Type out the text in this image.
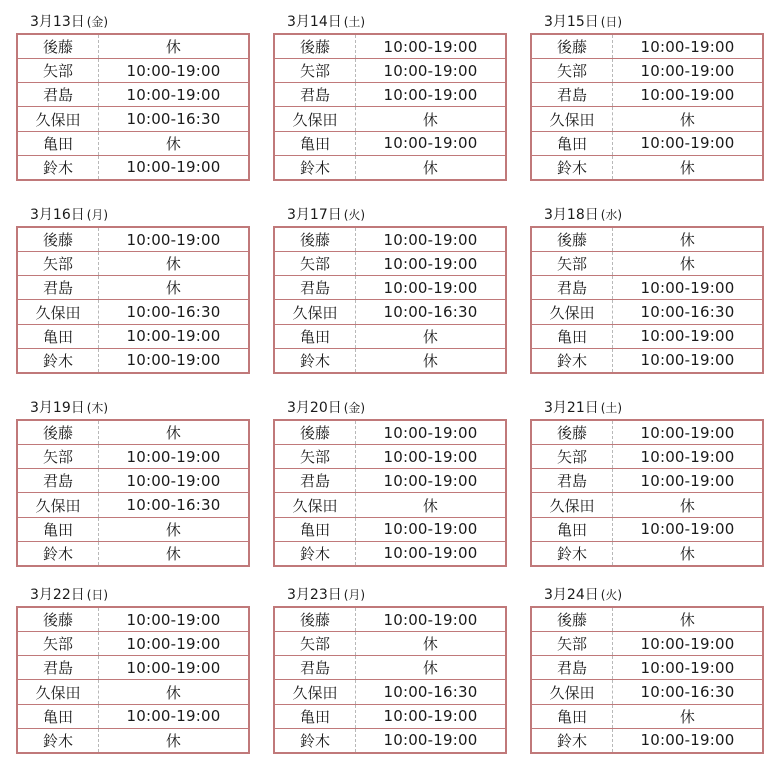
3月13日 (金)
後藤	休
矢部	10:00-19:00
君島	10:00-19:00
久保田	10:00-16:30
亀田	休
鈴木	10:00-19:00
3月14日 (土)
後藤	10:00-19:00
矢部	10:00-19:00
君島	10:00-19:00
久保田	休
亀田	10:00-19:00
鈴木	休
3月15日 (日)
後藤	10:00-19:00
矢部	10:00-19:00
君島	10:00-19:00
久保田	休
亀田	10:00-19:00
鈴木	休
3月16日 (月)
後藤	10:00-19:00
矢部	休
君島	休
久保田	10:00-16:30
亀田	10:00-19:00
鈴木	10:00-19:00
3月17日 (火)
後藤	10:00-19:00
矢部	10:00-19:00
君島	10:00-19:00
久保田	10:00-16:30
亀田	休
鈴木	休
3月18日 (水)
後藤	休
矢部	休
君島	10:00-19:00
久保田	10:00-16:30
亀田	10:00-19:00
鈴木	10:00-19:00
3月19日 (木)
後藤	休
矢部	10:00-19:00
君島	10:00-19:00
久保田	10:00-16:30
亀田	休
鈴木	休
3月20日 (金)
後藤	10:00-19:00
矢部	10:00-19:00
君島	10:00-19:00
久保田	休
亀田	10:00-19:00
鈴木	10:00-19:00
3月21日 (土)
後藤	10:00-19:00
矢部	10:00-19:00
君島	10:00-19:00
久保田	休
亀田	10:00-19:00
鈴木	休
3月22日 (日)
後藤	10:00-19:00
矢部	10:00-19:00
君島	10:00-19:00
久保田	休
亀田	10:00-19:00
鈴木	休
3月23日 (月)
後藤	10:00-19:00
矢部	休
君島	休
久保田	10:00-16:30
亀田	10:00-19:00
鈴木	10:00-19:00
3月24日 (火)
後藤	休
矢部	10:00-19:00
君島	10:00-19:00
久保田	10:00-16:30
亀田	休
鈴木	10:00-19:00
